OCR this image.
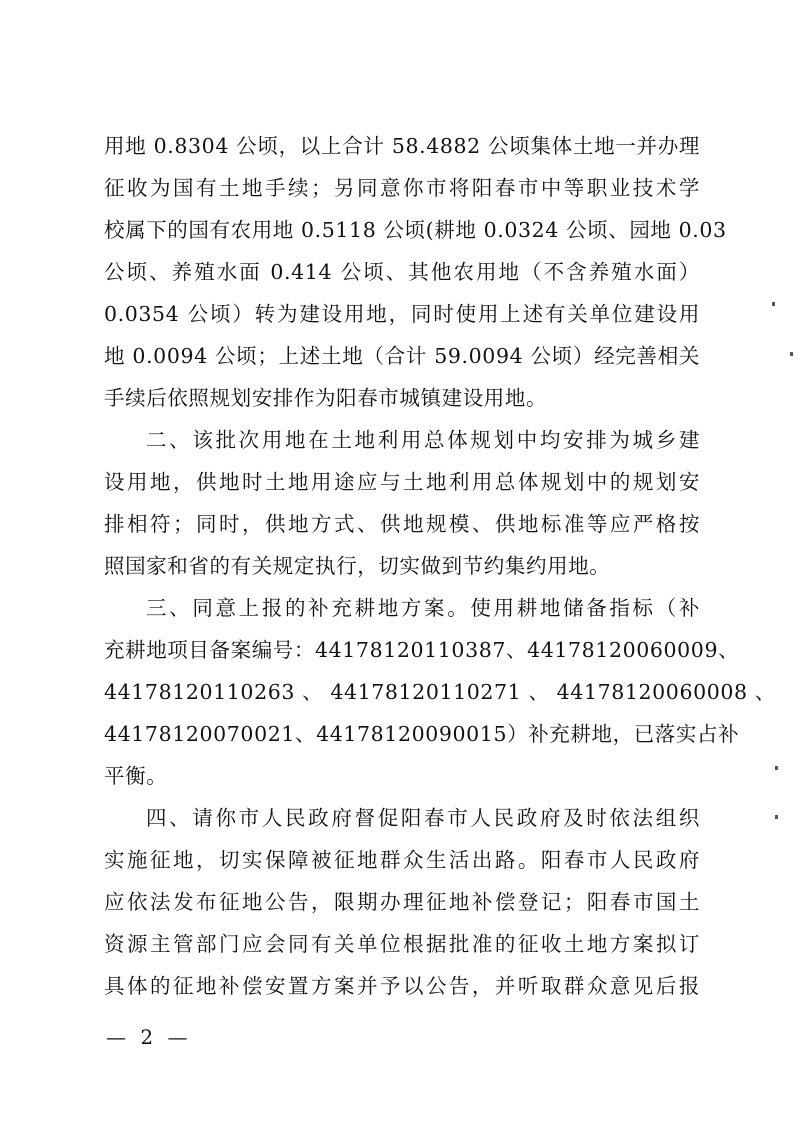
用地 0.8304 公顷，以上合计 58.4882 公顷集体土地一并办理
征收为国有土地手续；另同意你市将阳春市中等职业技术学
校属下的国有农用地 0.5118 公顷(耕地 0.0324 公顷、园地 0.03
公顷、养殖水面 0.414 公顷、其他农用地（不含养殖水面）
0.0354 公顷）转为建设用地，同时使用上述有关单位建设用
地 0.0094 公顷；上述土地（合计 59.0094 公顷）经完善相关
手续后依照规划安排作为阳春市城镇建设用地。
二、该批次用地在土地利用总体规划中均安排为城乡建
设用地，供地时土地用途应与土地利用总体规划中的规划安
排相符；同时，供地方式、供地规模、供地标准等应严格按
照国家和省的有关规定执行，切实做到节约集约用地。
三、同意上报的补充耕地方案。使用耕地储备指标（补
充耕地项目备案编号：44178120110387、44178120060009、
44178120110263 、 44178120110271 、 44178120060008 、
44178120070021、44178120090015）补充耕地，已落实占补
平衡。
四、请你市人民政府督促阳春市人民政府及时依法组织
实施征地，切实保障被征地群众生活出路。阳春市人民政府
应依法发布征地公告，限期办理征地补偿登记；阳春市国土
资源主管部门应会同有关单位根据批准的征收土地方案拟订
具体的征地补偿安置方案并予以公告，并听取群众意见后报
— 2 —
